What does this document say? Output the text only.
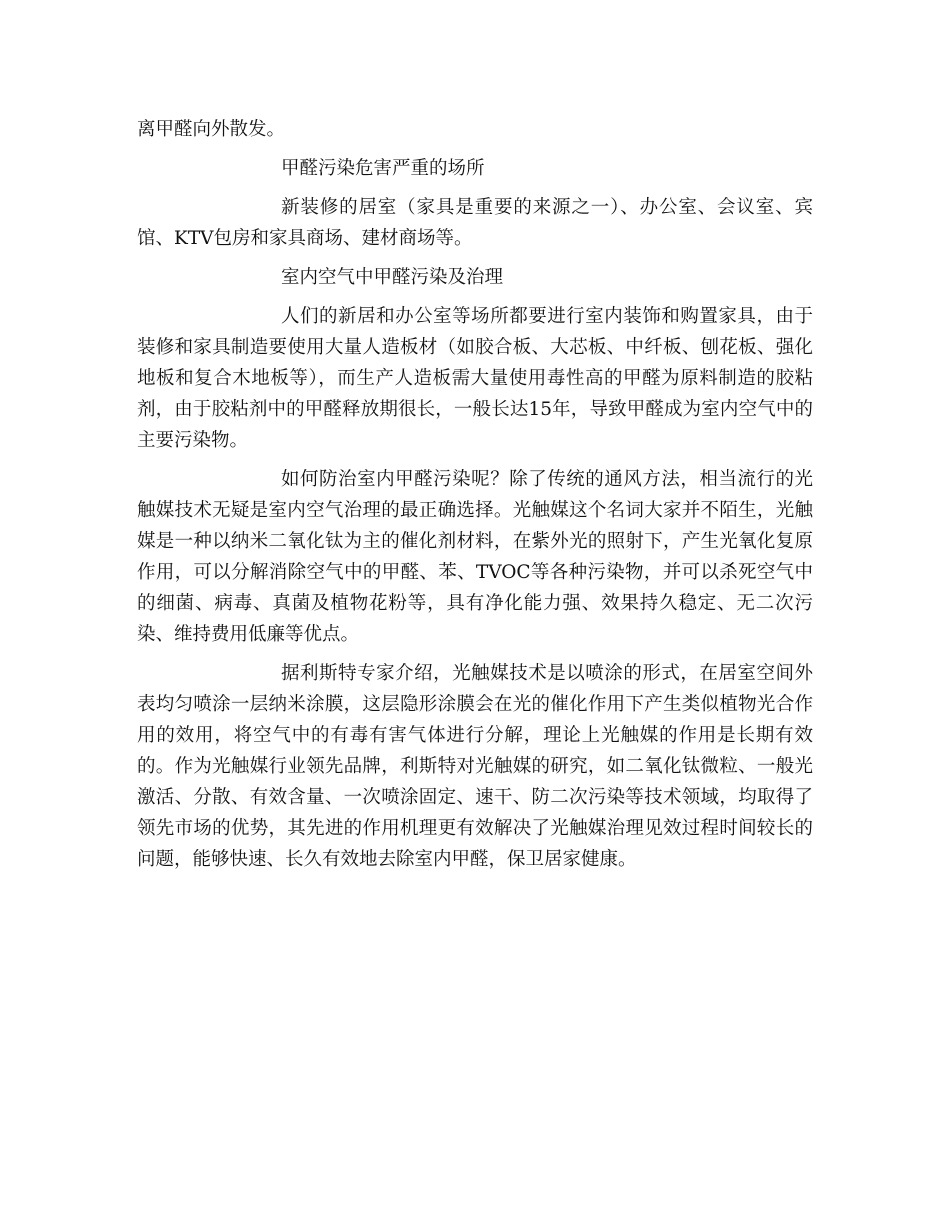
离甲醛向外散发。

甲醛污染危害严重的场所

新装修的居室（家具是重要的来源之一）、办公室、会议室、宾馆、KTV包房和家具商场、建材商场等。

室内空气中甲醛污染及治理

人们的新居和办公室等场所都要进行室内装饰和购置家具，由于装修和家具制造要使用大量人造板材（如胶合板、大芯板、中纤板、刨花板、强化地板和复合木地板等），而生产人造板需大量使用毒性高的甲醛为原料制造的胶粘剂，由于胶粘剂中的甲醛释放期很长，一般长达15年，导致甲醛成为室内空气中的主要污染物。

如何防治室内甲醛污染呢？除了传统的通风方法，相当流行的光触媒技术无疑是室内空气治理的最正确选择。光触媒这个名词大家并不陌生，光触媒是一种以纳米二氧化钛为主的催化剂材料，在紫外光的照射下，产生光氧化复原作用，可以分解消除空气中的甲醛、苯、TVOC等各种污染物，并可以杀死空气中的细菌、病毒、真菌及植物花粉等，具有净化能力强、效果持久稳定、无二次污染、维持费用低廉等优点。

据利斯特专家介绍，光触媒技术是以喷涂的形式，在居室空间外表均匀喷涂一层纳米涂膜，这层隐形涂膜会在光的催化作用下产生类似植物光合作用的效用，将空气中的有毒有害气体进行分解，理论上光触媒的作用是长期有效的。作为光触媒行业领先品牌，利斯特对光触媒的研究，如二氧化钛微粒、一般光激活、分散、有效含量、一次喷涂固定、速干、防二次污染等技术领域，均取得了领先市场的优势，其先进的作用机理更有效解决了光触媒治理见效过程时间较长的问题，能够快速、长久有效地去除室内甲醛，保卫居家健康。
